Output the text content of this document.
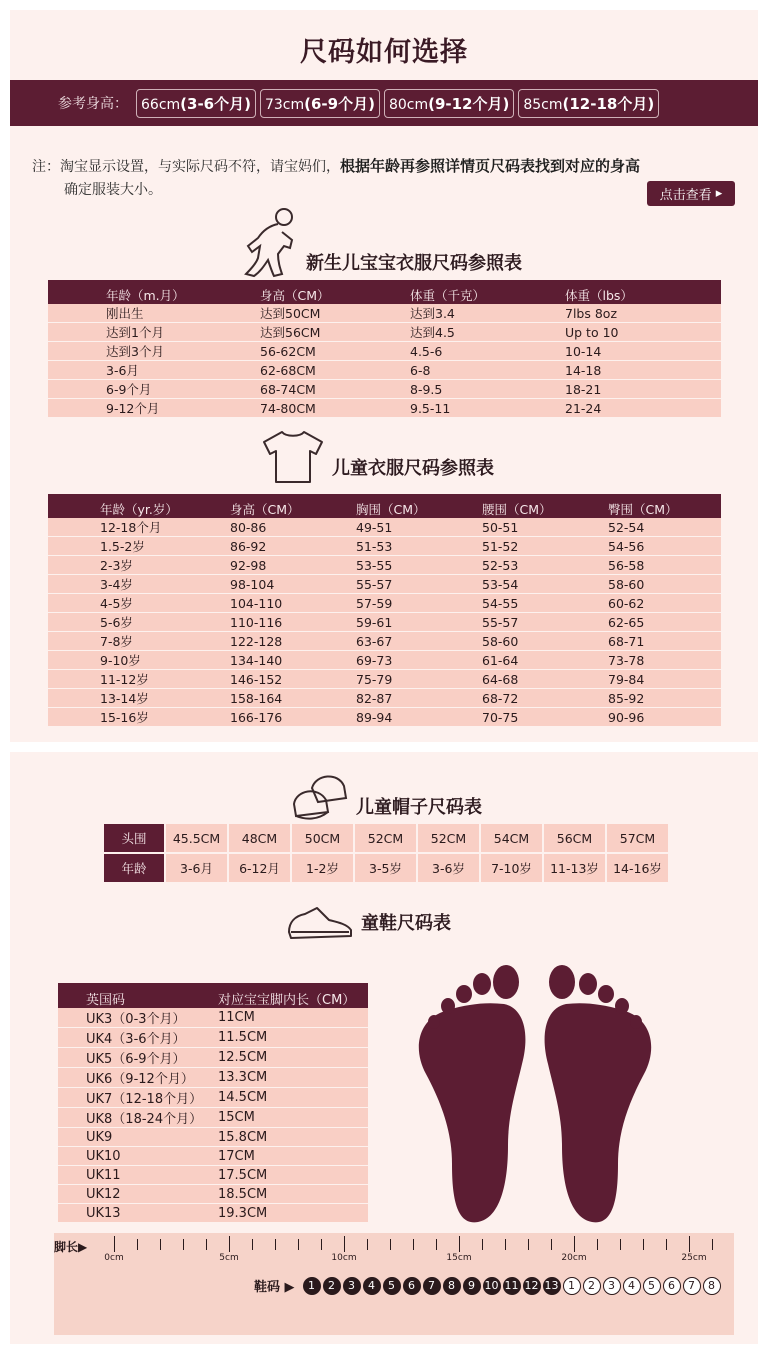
尺码如何选择
参考身高： 66cm(3-6个月)	73cm(6-9个月)	80cm(9-12个月)	85cm(12-18个月)
注：淘宝显示设置，与实际尺码不符，请宝妈们，根据年龄再参照详情页尺码表找到对应的身高
确定服装大小。	点击查看 ▸
新生儿宝宝衣服尺码参照表
年龄（m.月）	身高（CM）	体重（千克）	体重（lbs）
刚出生	达到50CM	达到3.4	7lbs 8oz
达到1个月	达到56CM	达到4.5	Up to 10
达到3个月	56-62CM	4.5-6	10-14
3-6月	62-68CM	6-8	14-18
6-9个月	68-74CM	8-9.5	18-21
9-12个月	74-80CM	9.5-11	21-24
儿童衣服尺码参照表
年龄（yr.岁）	身高（CM）	胸围（CM）	腰围（CM）	臀围（CM）
12-18个月	80-86	49-51	50-51	52-54
1.5-2岁	86-92	51-53	51-52	54-56
2-3岁	92-98	53-55	52-53	56-58
3-4岁	98-104	55-57	53-54	58-60
4-5岁	104-110	57-59	54-55	60-62
5-6岁	110-116	59-61	55-57	62-65
7-8岁	122-128	63-67	58-60	68-71
9-10岁	134-140	69-73	61-64	73-78
11-12岁	146-152	75-79	64-68	79-84
13-14岁	158-164	82-87	68-72	85-92
15-16岁	166-176	89-94	70-75	90-96
儿童帽子尺码表
头围	45.5CM	48CM	50CM	52CM	52CM	54CM	56CM	57CM
年龄	3-6月	6-12月	1-2岁	3-5岁	3-6岁	7-10岁	11-13岁	14-16岁
童鞋尺码表
英国码	对应宝宝脚内长（CM）
UK3（0-3个月）	11CM
UK4（3-6个月）	11.5CM
UK5（6-9个月）	12.5CM
UK6（9-12个月）	13.3CM
UK7（12-18个月）	14.5CM
UK8（18-24个月）	15CM
UK9	15.8CM
UK10	17CM
UK11	17.5CM
UK12	18.5CM
UK13	19.3CM
脚长▶
0cm	5cm	10cm	15cm	20cm	25cm
鞋码 ▶	1	2	3	4	5	6	7	8	9 10 11 12 13 1	2	3	4	5	6	7	8
